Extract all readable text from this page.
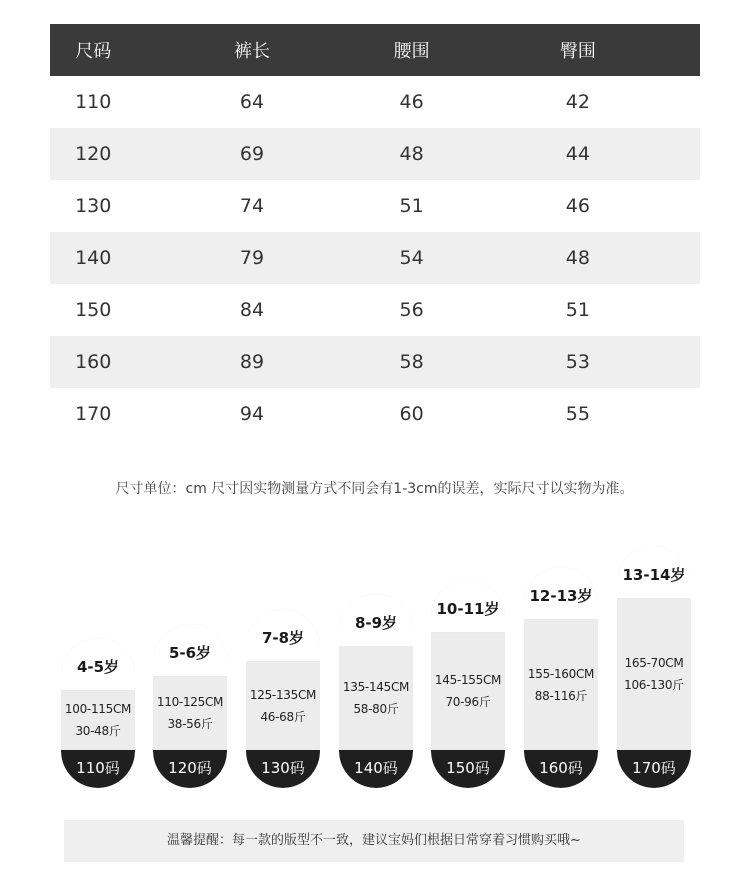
尺码	裤长	腰围	臀围
110	64	46	42
120	69	48	44
130	74	51	46
140	79	54	48
150	84	56	51
160	89	58	53
170	94	60	55
尺寸单位：cm 尺寸因实物测量方式不同会有1-3cm的误差，实际尺寸以实物为准。
4-5岁
100-115CM
30-48斤
110码
5-6岁
110-125CM
38-56斤
120码
7-8岁
125-135CM
46-68斤
130码
8-9岁
135-145CM
58-80斤
140码
10-11岁
145-155CM
70-96斤
150码
12-13岁
155-160CM
88-116斤
160码
13-14岁
165-70CM
106-130斤
170码
温馨提醒：每一款的版型不一致，建议宝妈们根据日常穿着习惯购买哦~
